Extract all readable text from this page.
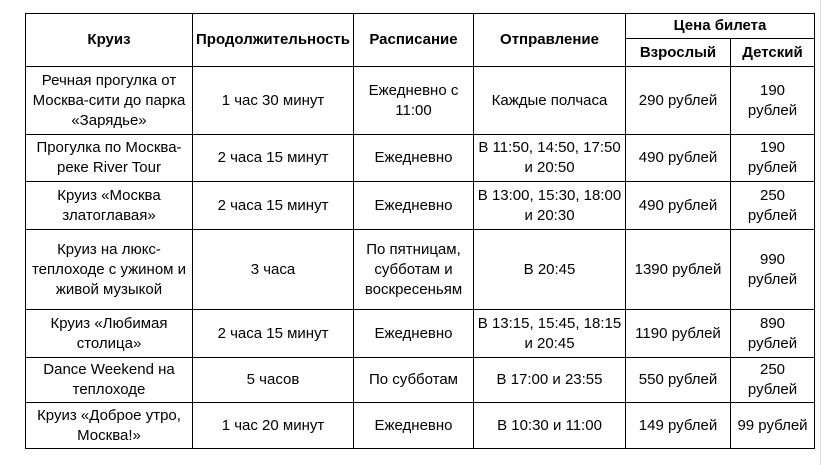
Круиз	Продолжительность	Расписание	Отправление	Цена билета	
				Взрослый	Детский
Речная прогулка от Москва-сити до парка «Зарядье»	1 час 30 минут	Ежедневно с 11:00	Каждые полчаса	290 рублей	190 рублей
Прогулка по Москва-реке River Tour	2 часа 15 минут	Ежедневно	В 11:50, 14:50, 17:50 и 20:50	490 рублей	190 рублей
Круиз «Москва златоглавая»	2 часа 15 минут	Ежедневно	В 13:00, 15:30, 18:00 и 20:30	490 рублей	250 рублей
Круиз на люкс-теплоходе с ужином и живой музыкой	3 часа	По пятницам, субботам и воскресеньям	В 20:45	1390 рублей	990 рублей
Круиз «Любимая столица»	2 часа 15 минут	Ежедневно	В 13:15, 15:45, 18:15 и 20:45	1190 рублей	890 рублей
Dance Weekend на теплоходе	5 часов	По субботам	В 17:00 и 23:55	550 рублей	250 рублей
Круиз «Доброе утро, Москва!»	1 час 20 минут	Ежедневно	В 10:30 и 11:00	149 рублей	99 рублей
